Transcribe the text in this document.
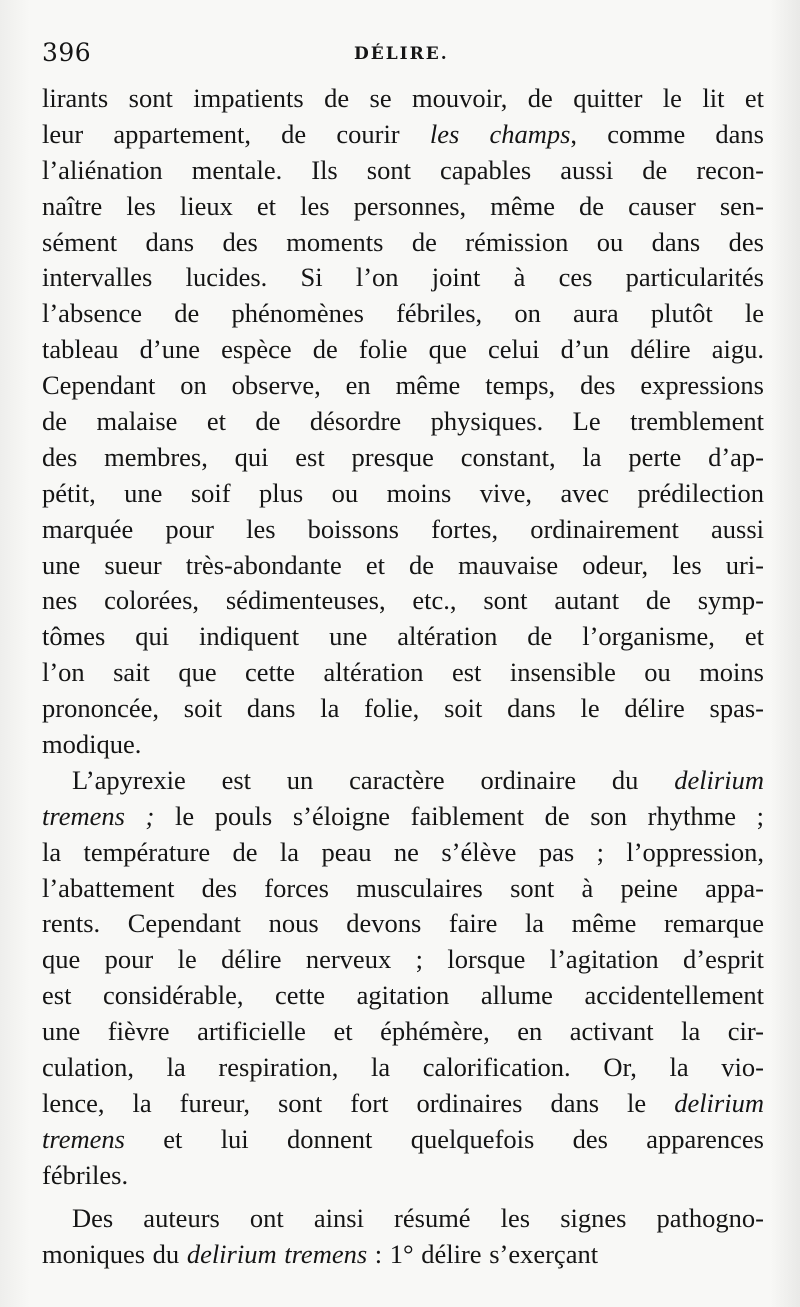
396	DÉLIRE.
lirants sont impatients de se mouvoir, de quitter le lit et
leur appartement, de courir les champs, comme dans
l’aliénation mentale. Ils sont capables aussi de recon-
naître les lieux et les personnes, même de causer sen-
sément dans des moments de rémission ou dans des
intervalles lucides. Si l’on joint à ces particularités
l’absence de phénomènes fébriles, on aura plutôt le
tableau d’une espèce de folie que celui d’un délire aigu.
Cependant on observe, en même temps, des expressions
de malaise et de désordre physiques. Le tremblement
des membres, qui est presque constant, la perte d’ap-
pétit, une soif plus ou moins vive, avec prédilection
marquée pour les boissons fortes, ordinairement aussi
une sueur très-abondante et de mauvaise odeur, les uri-
nes colorées, sédimenteuses, etc., sont autant de symp-
tômes qui indiquent une altération de l’organisme, et
l’on sait que cette altération est insensible ou moins
prononcée, soit dans la folie, soit dans le délire spas-
modique.
L’apyrexie est un caractère ordinaire du delirium
tremens ; le pouls s’éloigne faiblement de son rhythme ;
la température de la peau ne s’élève pas ; l’oppression,
l’abattement des forces musculaires sont à peine appa-
rents. Cependant nous devons faire la même remarque
que pour le délire nerveux ; lorsque l’agitation d’esprit
est considérable, cette agitation allume accidentellement
une fièvre artificielle et éphémère, en activant la cir-
culation, la respiration, la calorification. Or, la vio-
lence, la fureur, sont fort ordinaires dans le delirium
tremens et lui donnent quelquefois des apparences
fébriles.
Des auteurs ont ainsi résumé les signes pathogno-
moniques du delirium tremens : 1° délire s’exerçant
